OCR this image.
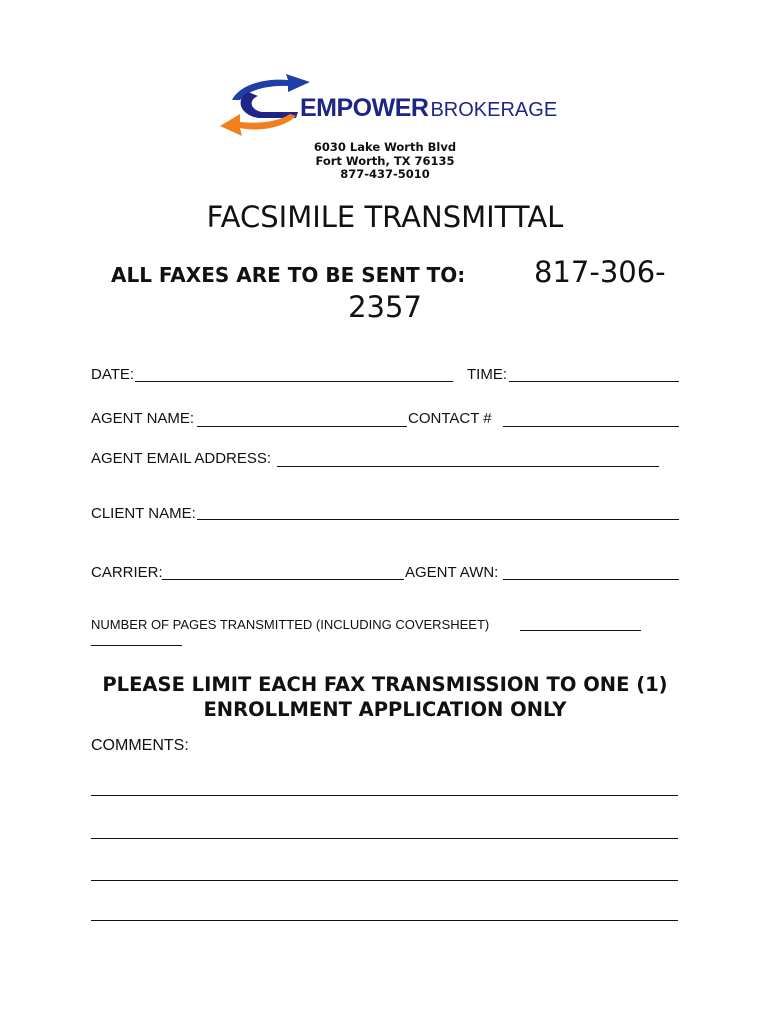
EMPOWER BROKERAGE
6030 Lake Worth Blvd
Fort Worth, TX 76135
877-437-5010
FACSIMILE TRANSMITTAL
ALL FAXES ARE TO BE SENT TO: 817-306-
2357
DATE:	TIME:
AGENT NAME:	CONTACT #
AGENT EMAIL ADDRESS:
CLIENT NAME:
CARRIER:	AGENT AWN:
NUMBER OF PAGES TRANSMITTED (INCLUDING COVERSHEET)
PLEASE LIMIT EACH FAX TRANSMISSION TO ONE (1)
ENROLLMENT APPLICATION ONLY
COMMENTS:
